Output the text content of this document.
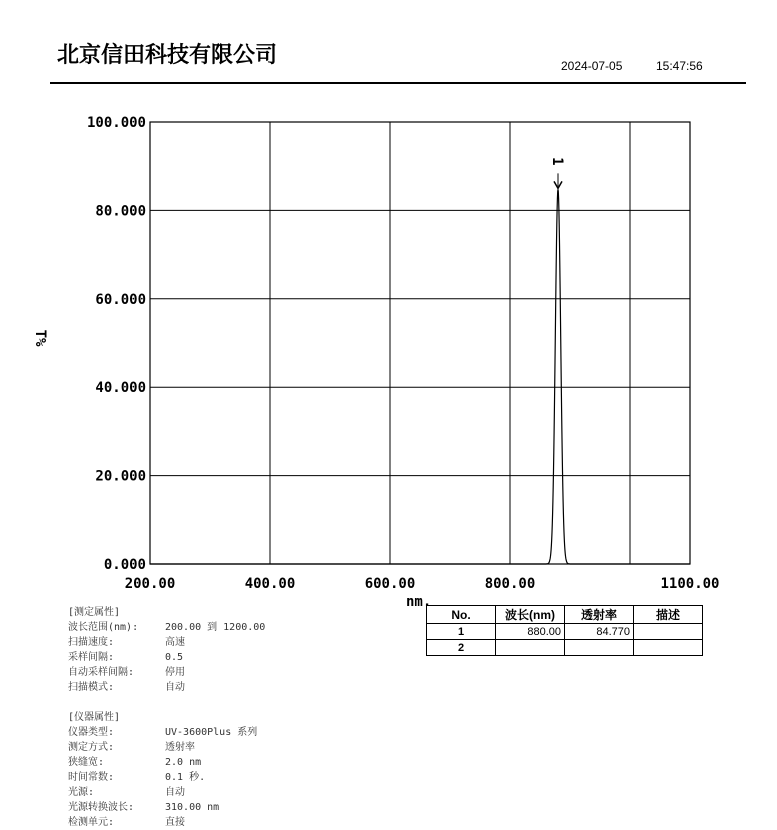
北京信田科技有限公司	2024-07-05	15:47:56
0.000
20.000
40.000
60.000
80.000
100.000
200.00	400.00	600.00	800.00	1100.00
nm.
T%
1
[测定属性]
波长范围(nm):	200.00 到 1200.00
扫描速度:	高速
采样间隔:	0.5
自动采样间隔:	停用
扫描模式:	自动
[仪器属性]
仪器类型:	UV-3600Plus 系列
测定方式:	透射率
狭缝宽:	2.0 nm
时间常数:	0.1 秒.
光源:	自动
光源转换波长:	310.00 nm
检测单元:	直接
No.	波长(nm)	透射率	描述
1	880.00	84.770	
2			
